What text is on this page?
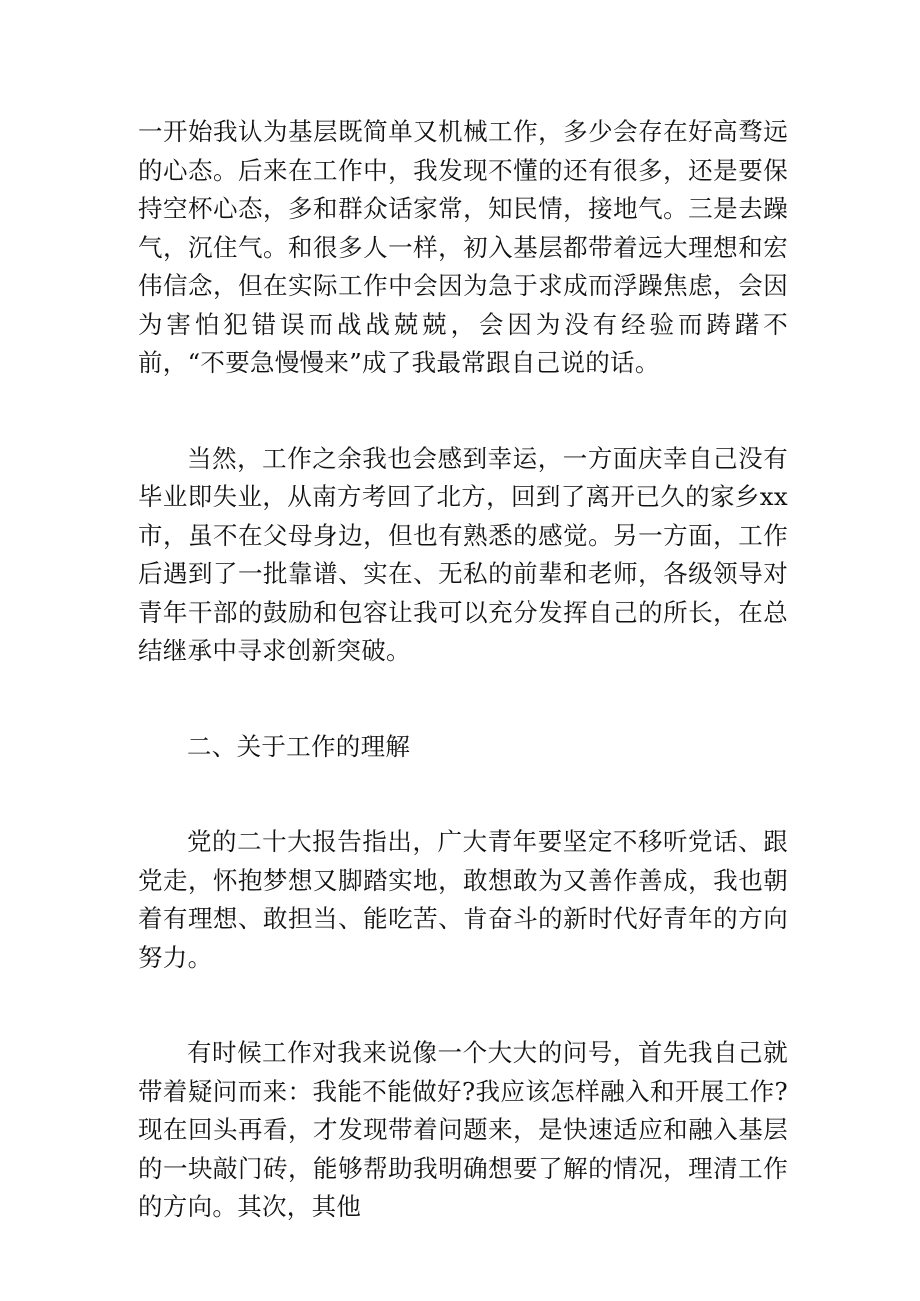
一开始我认为基层既简单又机械工作，多少会存在好高骛远的心态。后来在工作中，我发现不懂的还有很多，还是要保持空杯心态，多和群众话家常，知民情，接地气。三是去躁气，沉住气。和很多人一样，初入基层都带着远大理想和宏伟信念，但在实际工作中会因为急于求成而浮躁焦虑，会因为害怕犯错误而战战兢兢，会因为没有经验而踌躇不前，“不要急慢慢来”成了我最常跟自己说的话。

当然，工作之余我也会感到幸运，一方面庆幸自己没有毕业即失业，从南方考回了北方，回到了离开已久的家乡xx市，虽不在父母身边，但也有熟悉的感觉。另一方面，工作后遇到了一批靠谱、实在、无私的前辈和老师，各级领导对青年干部的鼓励和包容让我可以充分发挥自己的所长，在总结继承中寻求创新突破。

二、关于工作的理解

党的二十大报告指出，广大青年要坚定不移听党话、跟党走，怀抱梦想又脚踏实地，敢想敢为又善作善成，我也朝着有理想、敢担当、能吃苦、肯奋斗的新时代好青年的方向努力。

有时候工作对我来说像一个大大的问号，首先我自己就带着疑问而来：我能不能做好?我应该怎样融入和开展工作?现在回头再看，才发现带着问题来，是快速适应和融入基层的一块敲门砖，能够帮助我明确想要了解的情况，理清工作的方向。其次，其他
